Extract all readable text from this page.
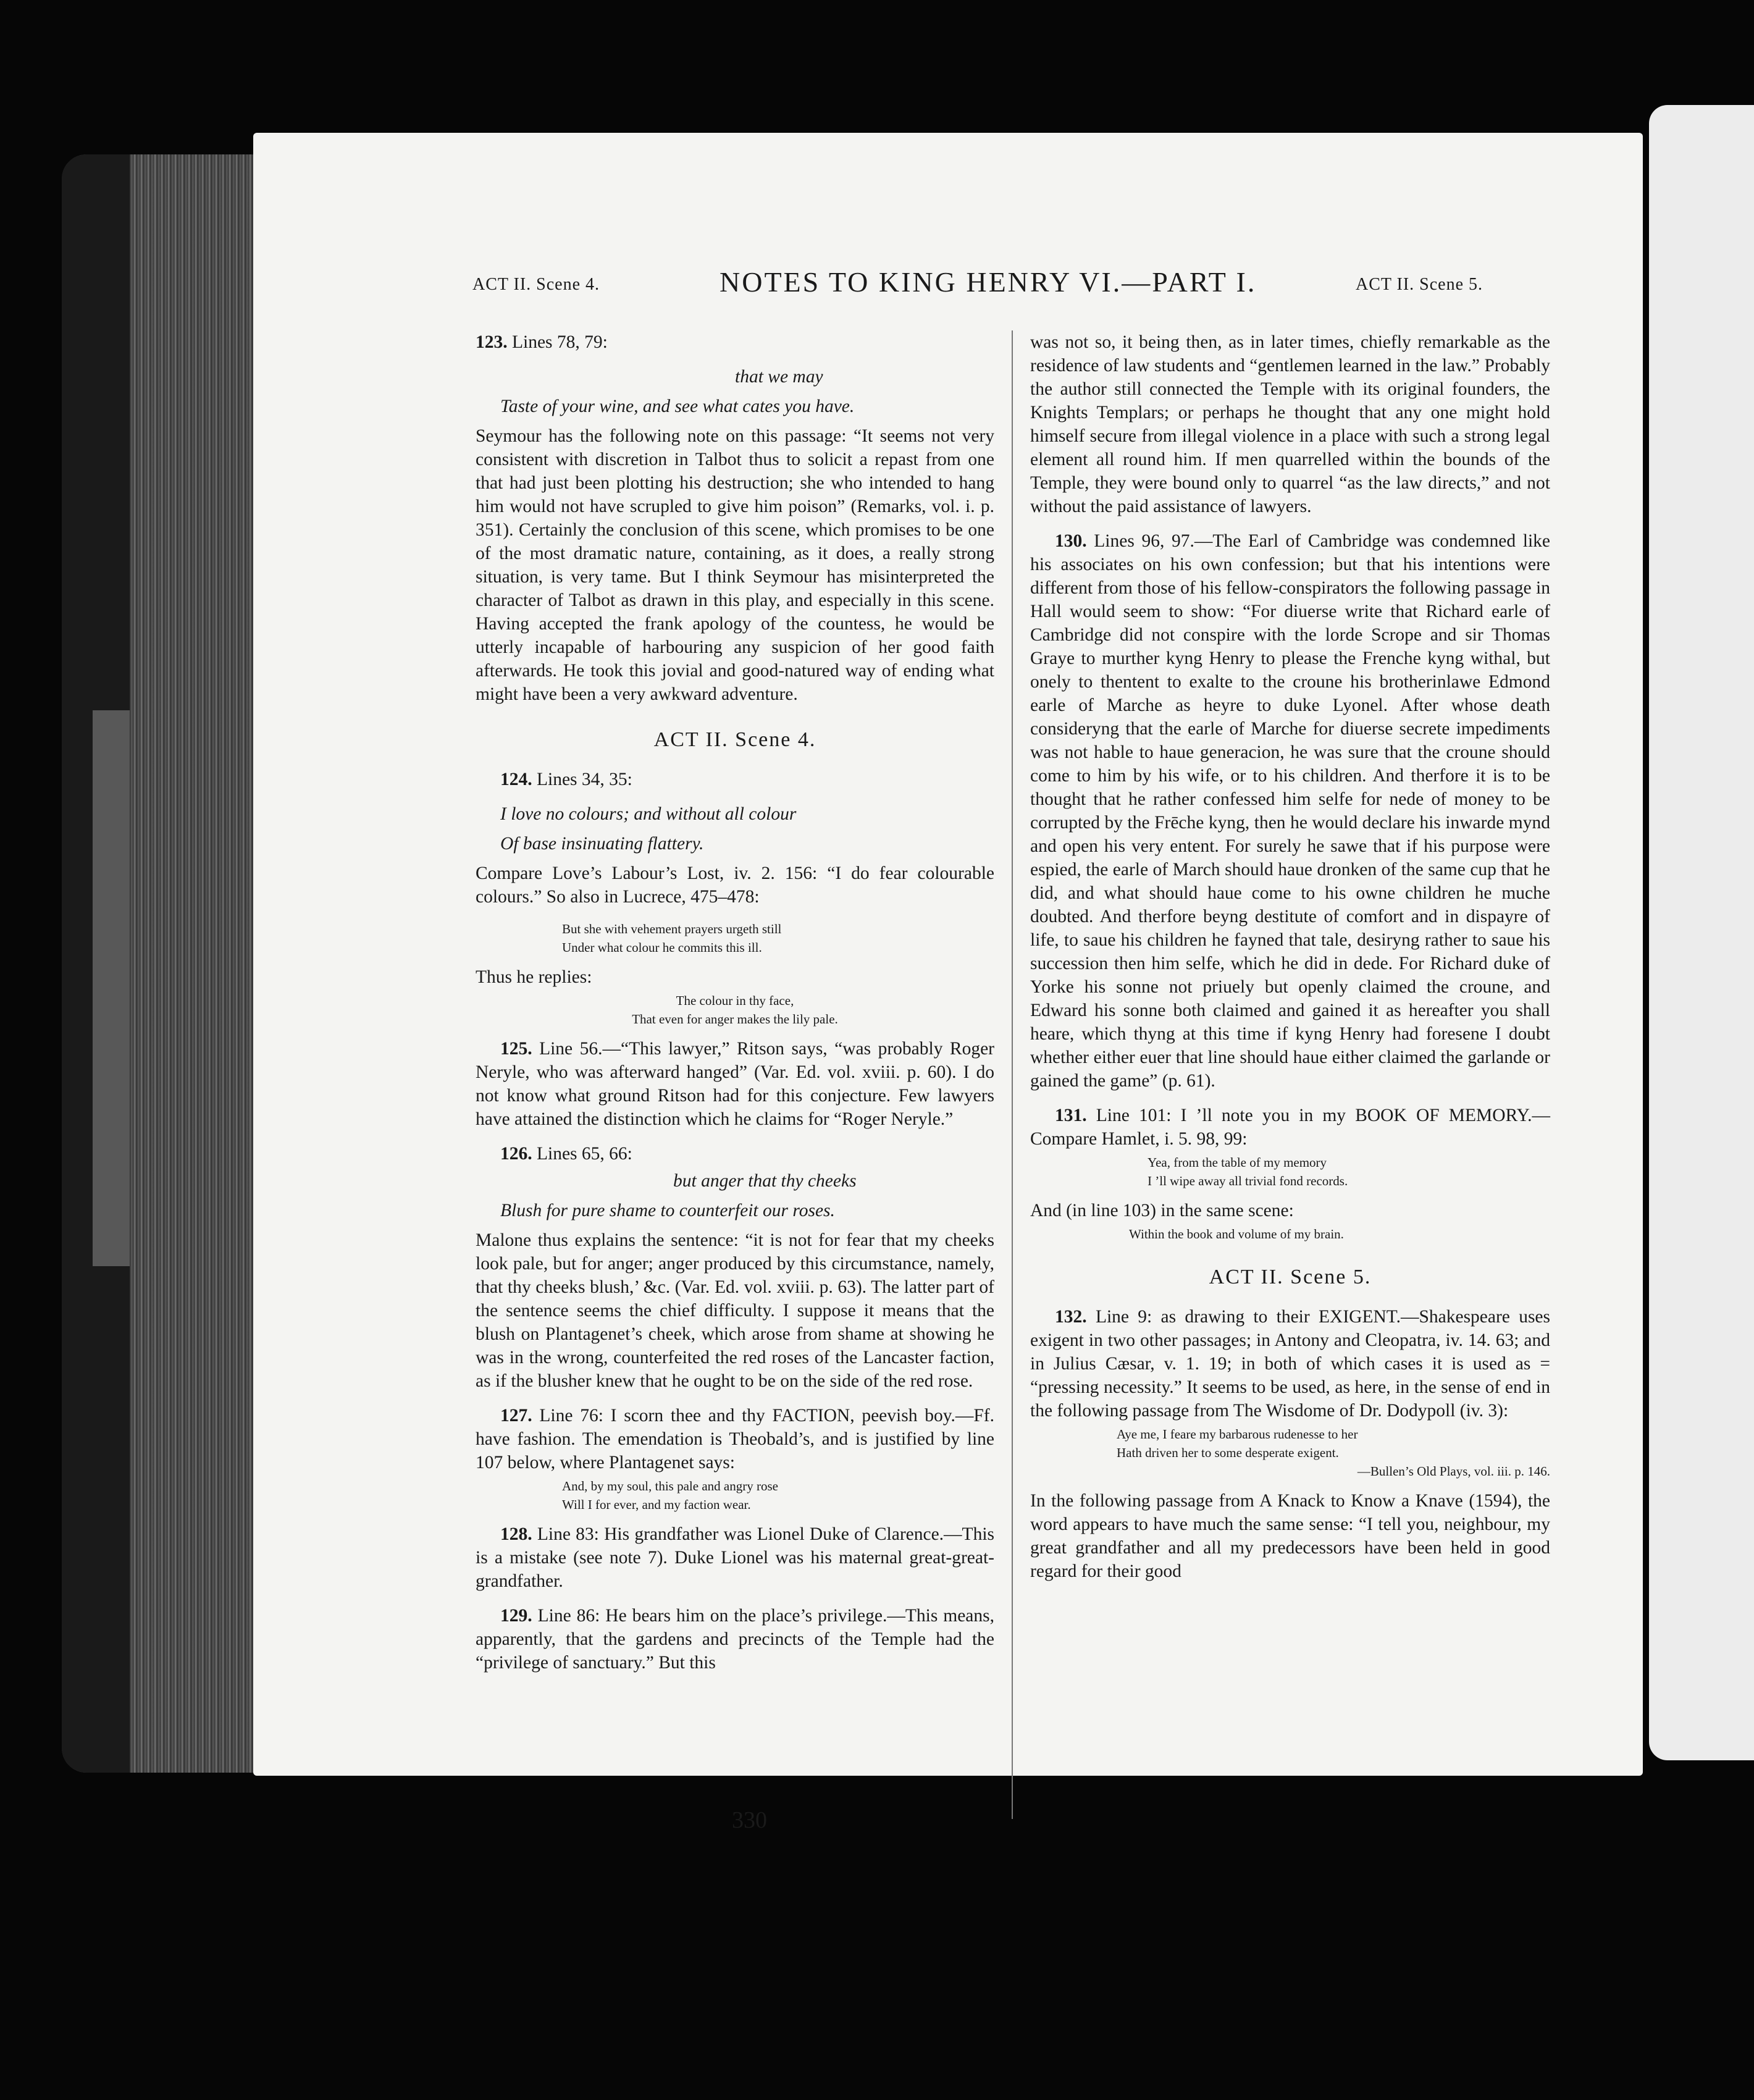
ACT II. Scene 4.	NOTES TO KING HENRY VI.—PART I.	ACT II. Scene 5.

123. Lines 78, 79:

that we may
Taste of your wine, and see what cates you have.

Seymour has the following note on this passage: “It seems not very consistent with discretion in Talbot thus to solicit a repast from one that had just been plotting his destruction; she who intended to hang him would not have scrupled to give him poison” (Remarks, vol. i. p. 351). Certainly the conclusion of this scene, which promises to be one of the most dramatic nature, containing, as it does, a really strong situation, is very tame. But I think Seymour has misinterpreted the character of Talbot as drawn in this play, and especially in this scene. Having accepted the frank apology of the countess, he would be utterly incapable of harbouring any suspicion of her good faith afterwards. He took this jovial and good-natured way of ending what might have been a very awkward adventure.

ACT II. Scene 4.

124. Lines 34, 35:

I love no colours; and without all colour
Of base insinuating flattery.

Compare Love’s Labour’s Lost, iv. 2. 156: “I do fear colourable colours.” So also in Lucrece, 475–478:

But she with vehement prayers urgeth still
Under what colour he commits this ill.

Thus he replies:

The colour in thy face,
That even for anger makes the lily pale.

125. Line 56.—“This lawyer,” Ritson says, “was probably Roger Neryle, who was afterward hanged” (Var. Ed. vol. xviii. p. 60). I do not know what ground Ritson had for this conjecture. Few lawyers have attained the distinction which he claims for “Roger Neryle.”

126. Lines 65, 66:

but anger that thy cheeks
Blush for pure shame to counterfeit our roses.

Malone thus explains the sentence: “it is not for fear that my cheeks look pale, but for anger; anger produced by this circumstance, namely, that thy cheeks blush,’ &c. (Var. Ed. vol. xviii. p. 63). The latter part of the sentence seems the chief difficulty. I suppose it means that the blush on Plantagenet’s cheek, which arose from shame at showing he was in the wrong, counterfeited the red roses of the Lancaster faction, as if the blusher knew that he ought to be on the side of the red rose.

127. Line 76: I scorn thee and thy FACTION, peevish boy.—Ff. have fashion. The emendation is Theobald’s, and is justified by line 107 below, where Plantagenet says:

And, by my soul, this pale and angry rose
Will I for ever, and my faction wear.

128. Line 83: His grandfather was Lionel Duke of Clarence.—This is a mistake (see note 7). Duke Lionel was his maternal great-great-grandfather.

129. Line 86: He bears him on the place’s privilege.—This means, apparently, that the gardens and precincts of the Temple had the “privilege of sanctuary.” But this

was not so, it being then, as in later times, chiefly remarkable as the residence of law students and “gentlemen learned in the law.” Probably the author still connected the Temple with its original founders, the Knights Templars; or perhaps he thought that any one might hold himself secure from illegal violence in a place with such a strong legal element all round him. If men quarrelled within the bounds of the Temple, they were bound only to quarrel “as the law directs,” and not without the paid assistance of lawyers.

130. Lines 96, 97.—The Earl of Cambridge was condemned like his associates on his own confession; but that his intentions were different from those of his fellow-conspirators the following passage in Hall would seem to show: “For diuerse write that Richard earle of Cambridge did not conspire with the lorde Scrope and sir Thomas Graye to murther kyng Henry to please the Frenche kyng withal, but onely to thentent to exalte to the croune his brotherinlawe Edmond earle of Marche as heyre to duke Lyonel. After whose death consideryng that the earle of Marche for diuerse secrete impediments was not hable to haue generacion, he was sure that the croune should come to him by his wife, or to his children. And therfore it is to be thought that he rather confessed him selfe for nede of money to be corrupted by the Frēche kyng, then he would declare his inwarde mynd and open his very entent. For surely he sawe that if his purpose were espied, the earle of March should haue dronken of the same cup that he did, and what should haue come to his owne children he muche doubted. And therfore beyng destitute of comfort and in dispayre of life, to saue his children he fayned that tale, desiryng rather to saue his succession then him selfe, which he did in dede. For Richard duke of Yorke his sonne not priuely but openly claimed the croune, and Edward his sonne both claimed and gained it as hereafter you shall heare, which thyng at this time if kyng Henry had foresene I doubt whether either euer that line should haue either claimed the garlande or gained the game” (p. 61).

131. Line 101: I ’ll note you in my BOOK OF MEMORY.—Compare Hamlet, i. 5. 98, 99:

Yea, from the table of my memory
I ’ll wipe away all trivial fond records.

And (in line 103) in the same scene:

Within the book and volume of my brain.
ACT II. Scene 5.

132. Line 9: as drawing to their EXIGENT.—Shakespeare uses exigent in two other passages; in Antony and Cleopatra, iv. 14. 63; and in Julius Cæsar, v. 1. 19; in both of which cases it is used as = “pressing necessity.” It seems to be used, as here, in the sense of end in the following passage from The Wisdome of Dr. Dodypoll (iv. 3):

Aye me, I feare my barbarous rudenesse to her
Hath driven her to some desperate exigent.
—Bullen’s Old Plays, vol. iii. p. 146.

In the following passage from A Knack to Know a Knave (1594), the word appears to have much the same sense: “I tell you, neighbour, my great grandfather and all my predecessors have been held in good regard for their good

330
